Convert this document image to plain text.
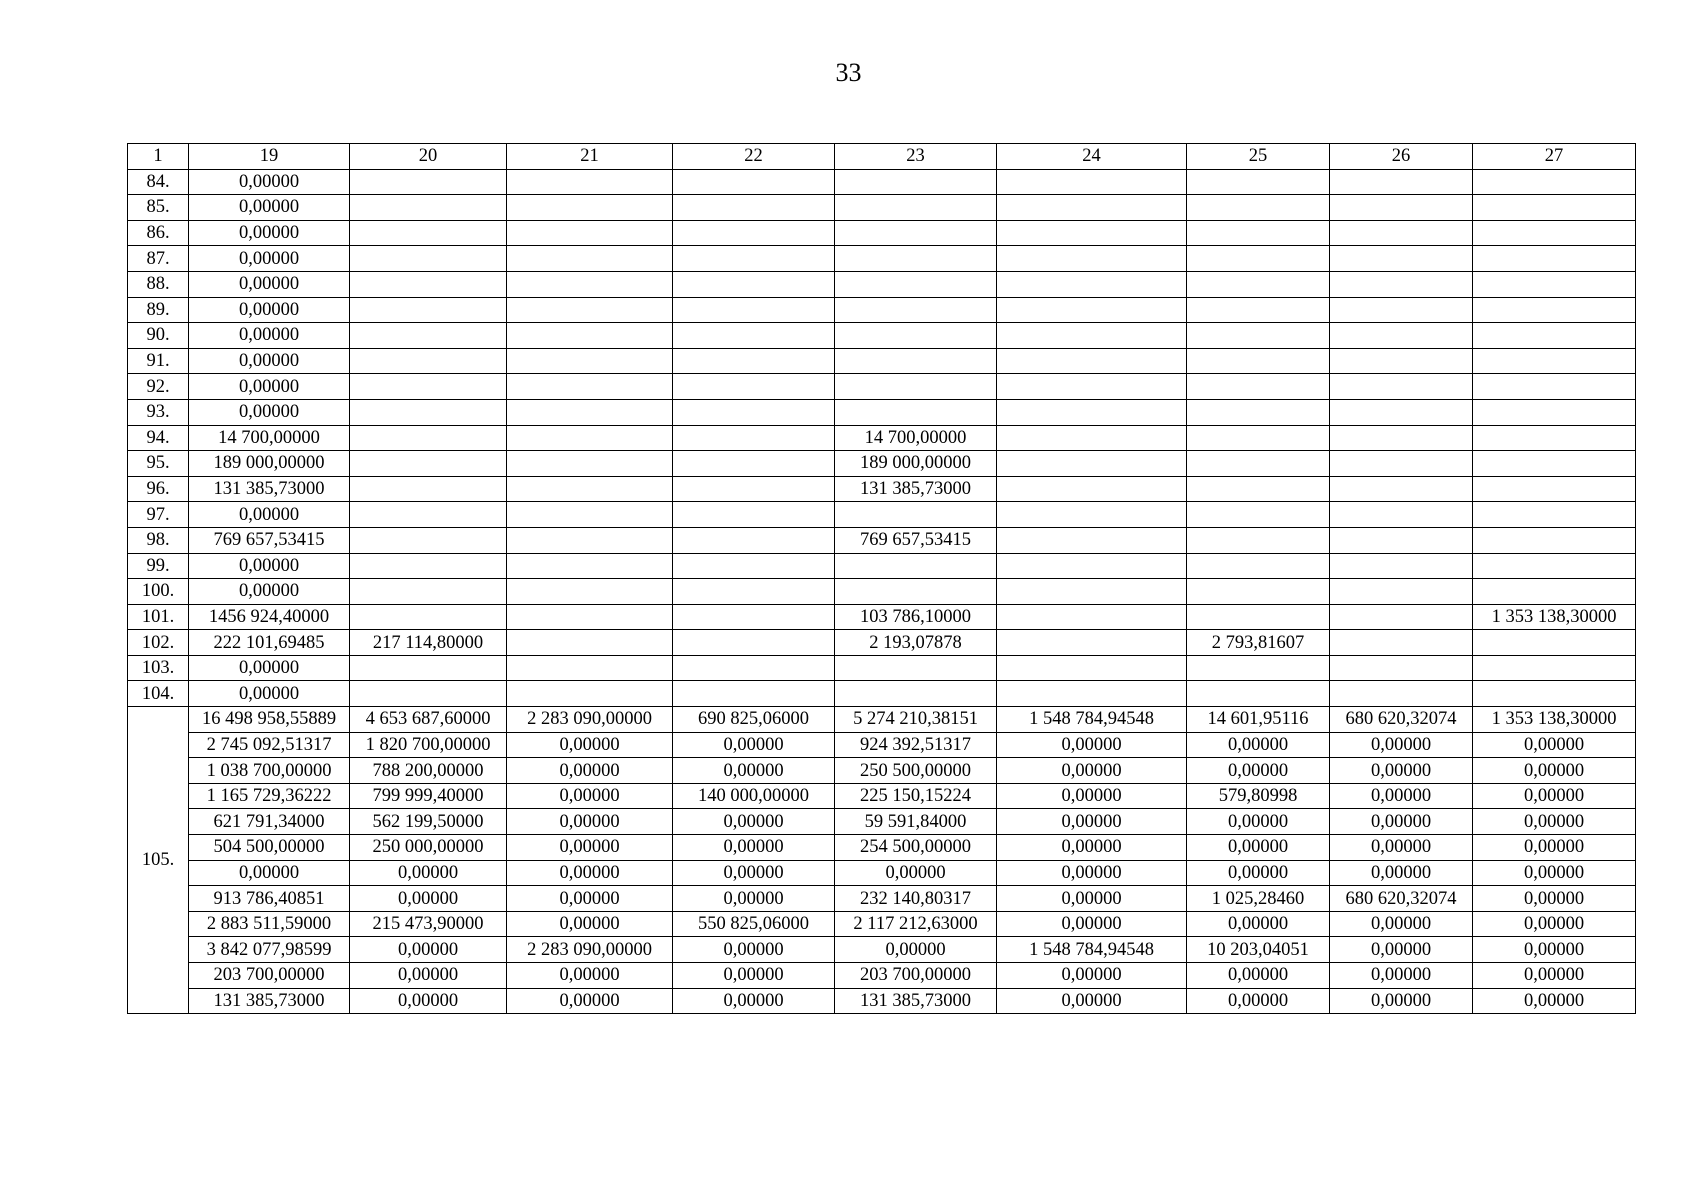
33
1	19	20	21	22	23	24	25	26	27
84.	0,00000								
85.	0,00000								
86.	0,00000								
87.	0,00000								
88.	0,00000								
89.	0,00000								
90.	0,00000								
91.	0,00000								
92.	0,00000								
93.	0,00000								
94.	14 700,00000				14 700,00000				
95.	189 000,00000				189 000,00000				
96.	131 385,73000				131 385,73000				
97.	0,00000								
98.	769 657,53415				769 657,53415				
99.	0,00000								
100.	0,00000								
101.	1456 924,40000				103 786,10000				1 353 138,30000
102.	222 101,69485	217 114,80000			2 193,07878		2 793,81607		
103.	0,00000								
104.	0,00000								
105.	16 498 958,55889	4 653 687,60000	2 283 090,00000	690 825,06000	5 274 210,38151	1 548 784,94548	14 601,95116	680 620,32074	1 353 138,30000
	2 745 092,51317	1 820 700,00000	0,00000	0,00000	924 392,51317	0,00000	0,00000	0,00000	0,00000
	1 038 700,00000	788 200,00000	0,00000	0,00000	250 500,00000	0,00000	0,00000	0,00000	0,00000
	1 165 729,36222	799 999,40000	0,00000	140 000,00000	225 150,15224	0,00000	579,80998	0,00000	0,00000
	621 791,34000	562 199,50000	0,00000	0,00000	59 591,84000	0,00000	0,00000	0,00000	0,00000
	504 500,00000	250 000,00000	0,00000	0,00000	254 500,00000	0,00000	0,00000	0,00000	0,00000
	0,00000	0,00000	0,00000	0,00000	0,00000	0,00000	0,00000	0,00000	0,00000
	913 786,40851	0,00000	0,00000	0,00000	232 140,80317	0,00000	1 025,28460	680 620,32074	0,00000
	2 883 511,59000	215 473,90000	0,00000	550 825,06000	2 117 212,63000	0,00000	0,00000	0,00000	0,00000
	3 842 077,98599	0,00000	2 283 090,00000	0,00000	0,00000	1 548 784,94548	10 203,04051	0,00000	0,00000
	203 700,00000	0,00000	0,00000	0,00000	203 700,00000	0,00000	0,00000	0,00000	0,00000
	131 385,73000	0,00000	0,00000	0,00000	131 385,73000	0,00000	0,00000	0,00000	0,00000
